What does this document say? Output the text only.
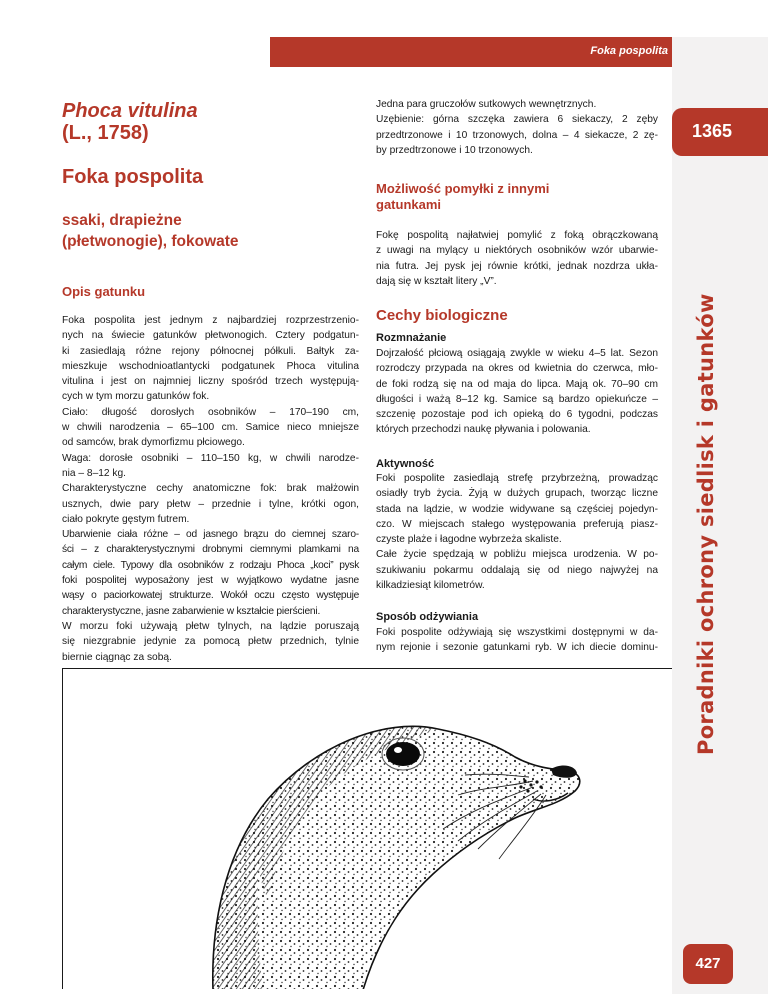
Foka pospolita
1365
Poradniki ochrony siedlisk i gatunków
427
Phoca vitulina
(L., 1758)
Foka pospolita
ssaki, drapieżne
(płetwonogie), fokowate
Opis gatunku
Foka pospolita jest jednym z najbardziej rozprzestrzenio-
nych na świecie gatunków płetwonogich. Cztery podgatun-
ki zasiedlają różne rejony północnej półkuli. Bałtyk za-
mieszkuje wschodnioatlantycki podgatunek Phoca vitulina
vitulina i jest on najmniej liczny spośród trzech występują-
cych w tym morzu gatunków fok.
Ciało: długość dorosłych osobników – 170–190 cm,
w chwili narodzenia – 65–100 cm. Samice nieco mniejsze
od samców, brak dymorfizmu płciowego.
Waga: dorosłe osobniki – 110–150 kg, w chwili narodze-
nia – 8–12 kg.
Charakterystyczne cechy anatomiczne fok: brak małżowin
usznych, dwie pary płetw – przednie i tylne, krótki ogon,
ciało pokryte gęstym futrem.
Ubarwienie ciała różne – od jasnego brązu do ciemnej szaro-
ści – z charakterystycznymi drobnymi ciemnymi plamkami na
całym ciele. Typowy dla osobników z rodzaju Phoca „koci” pysk
foki pospolitej wyposażony jest w wyjątkowo wydatne jasne
wąsy o paciorkowatej strukturze. Wokół oczu często występuje
charakterystyczne, jasne zabarwienie w kształcie pierścieni.
W morzu foki używają płetw tylnych, na lądzie poruszają
się niezgrabnie jedynie za pomocą płetw przednich, tylnie
biernie ciągnąc za sobą.
Jedna para gruczołów sutkowych wewnętrznych.
Uzębienie: górna szczęka zawiera 6 siekaczy, 2 zęby
przedtrzonowe i 10 trzonowych, dolna – 4 siekacze, 2 zę-
by przedtrzonowe i 10 trzonowych.
Możliwość pomyłki z innymi
gatunkami
Fokę pospolitą najłatwiej pomylić z foką obrączkowaną
z uwagi na mylący u niektórych osobników wzór ubarwie-
nia futra. Jej pysk jej równie krótki, jednak nozdrza ukła-
dają się w kształt litery „V”.
Cechy biologiczne
Rozmnażanie
Dojrzałość płciową osiągają zwykle w wieku 4–5 lat. Sezon
rozrodczy przypada na okres od kwietnia do czerwca, mło-
de foki rodzą się na od maja do lipca. Mają ok. 70–90 cm
długości i ważą 8–12 kg. Samice są bardzo opiekuńcze –
szczenię pozostaje pod ich opieką do 6 tygodni, podczas
których przechodzi naukę pływania i polowania.
Aktywność
Foki pospolite zasiedlają strefę przybrzeżną, prowadząc
osiadły tryb życia. Żyją w dużych grupach, tworząc liczne
stada na lądzie, w wodzie widywane są częściej pojedyn-
czo. W miejscach stałego występowania preferują piasz-
czyste plaże i łagodne wybrzeża skaliste.
Całe życie spędzają w pobliżu miejsca urodzenia. W po-
szukiwaniu pokarmu oddalają się od niego najwyżej na
kilkadziesiąt kilometrów.
Sposób odżywiania
Foki pospolite odżywiają się wszystkimi dostępnymi w da-
nym rejonie i sezonie gatunkami ryb. W ich diecie dominu-
